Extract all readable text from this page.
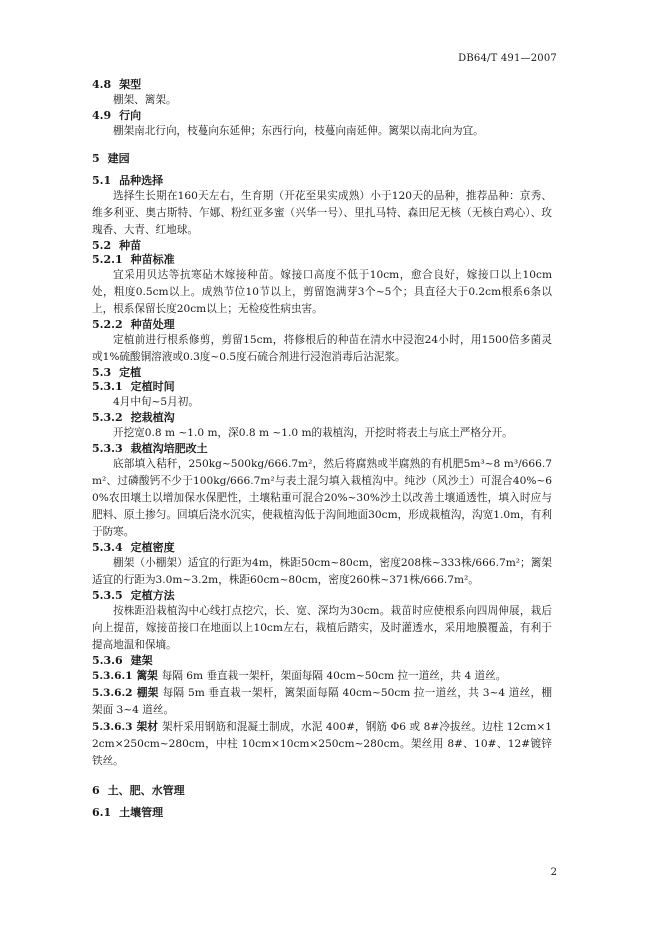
DB64/T 491—2007
4.8 架型

棚架、篱架。

4.9 行向

棚架南北行向，枝蔓向东延伸；东西行向，枝蔓向南延伸。篱架以南北向为宜。

5 建园
5.1 品种选择

选择生长期在160天左右，生育期（开花至果实成熟）小于120天的品种，推荐品种：京秀、维多利亚、奥古斯特、乍娜、粉红亚多蜜（兴华一号）、里扎马特、森田尼无核（无核白鸡心）、玫瑰香、大青、红地球。

5.2 种苗
5.2.1 种苗标准

宜采用贝达等抗寒砧木嫁接种苗。嫁接口高度不低于10cm，愈合良好，嫁接口以上10cm处，粗度0.5cm以上。成熟节位10节以上，剪留饱满芽3个~5个；具直径大于0.2cm根系6条以上，根系保留长度20cm以上；无检疫性病虫害。

5.2.2 种苗处理

定植前进行根系修剪，剪留15cm，将修根后的种苗在清水中浸泡24小时，用1500倍多菌灵或1%硫酸铜溶液或0.3度~0.5度石硫合剂进行浸泡消毒后沾泥浆。

5.3 定植
5.3.1 定植时间

4月中旬~5月初。

5.3.2 挖栽植沟

开挖宽0.8 m ~1.0 m，深0.8 m ~1.0 m的栽植沟，开挖时将表土与底土严格分开。

5.3.3 栽植沟培肥改土

底部填入秸秆，250kg~500kg/666.7m²，然后将腐熟或半腐熟的有机肥5m³~8 m³/666.7m²、过磷酸钙不少于100kg/666.7m²与表土混匀填入栽植沟中。纯沙（风沙土）可混合40%~60%农田壤土以增加保水保肥性，土壤粘重可混合20%~30%沙土以改善土壤通透性，填入时应与肥料、原土掺匀。回填后浇水沉实，使栽植沟低于沟间地面30cm，形成栽植沟，沟宽1.0m，有利于防寒。

5.3.4 定植密度

棚架（小棚架）适宜的行距为4m，株距50cm~80cm，密度208株~333株/666.7m²；篱架适宜的行距为3.0m~3.2m，株距60cm~80cm，密度260株~371株/666.7m²。

5.3.5 定植方法

按株距沿栽植沟中心线打点挖穴，长、宽、深均为30cm。栽苗时应使根系向四周伸展，栽后向上提苗，嫁接苗接口在地面以上10cm左右，栽植后踏实，及时灌透水，采用地膜覆盖，有利于提高地温和保墒。

5.3.6 建架

5.3.6.1 篱架 每隔 6m 垂直栽一架杆，架面每隔 40cm~50cm 拉一道丝，共 4 道丝。

5.3.6.2 棚架 每隔 5m 垂直栽一架杆，篱架面每隔 40cm~50cm 拉一道丝，共 3~4 道丝，棚架面 3~4 道丝。

5.3.6.3 架材 架杆采用钢筋和混凝土制成，水泥 400#，钢筋 Φ6 或 8#冷拔丝。边柱 12cm×12cm×250cm~280cm，中柱 10cm×10cm×250cm~280cm。架丝用 8#、10#、12#镀锌铁丝。

6 土、肥、水管理
6.1 土壤管理
2
